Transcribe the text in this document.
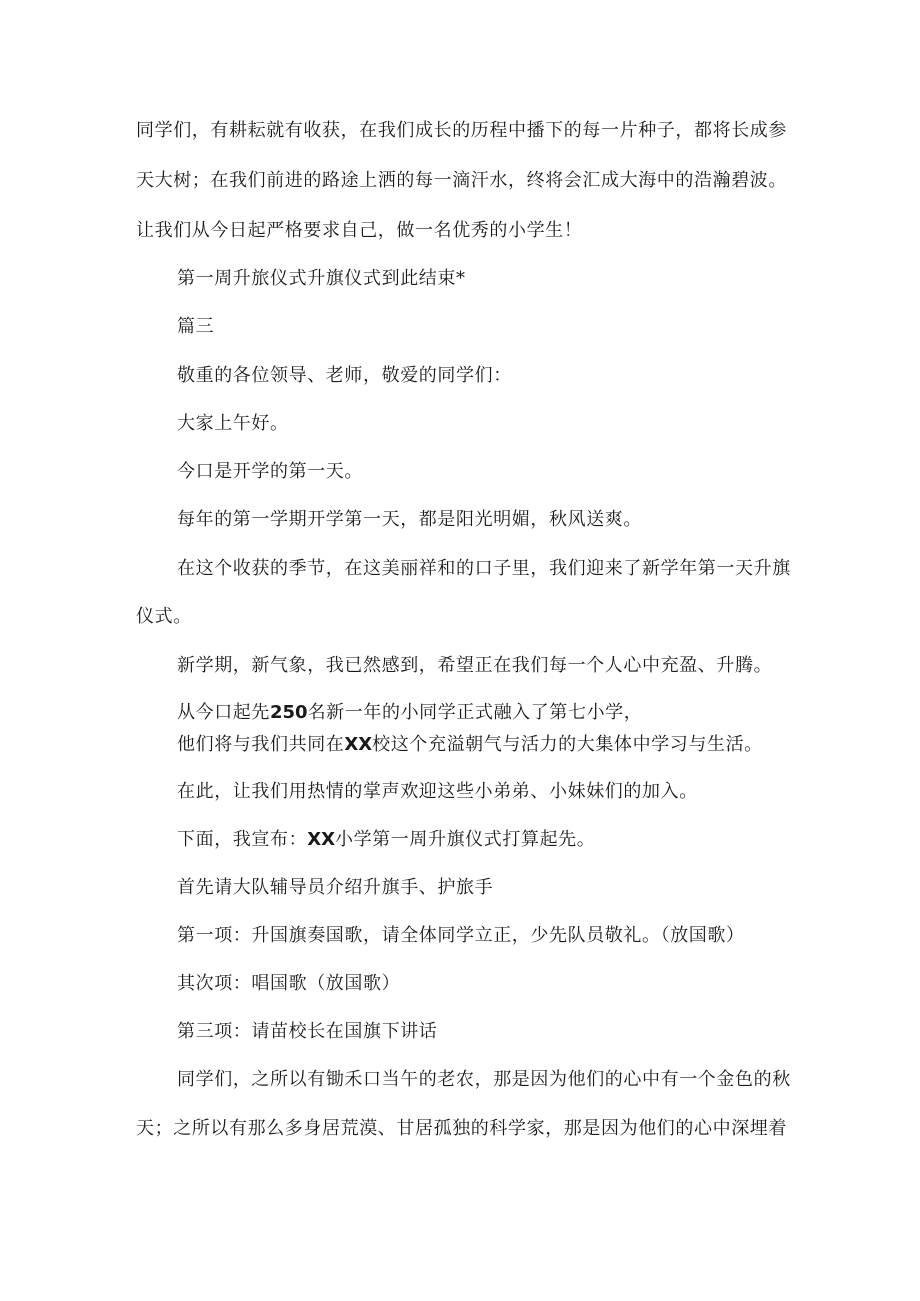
同学们，有耕耘就有收获，在我们成长的历程中播下的每一片种子，都将长成参
天大树；在我们前进的路途上洒的每一滴汗水，终将会汇成大海中的浩瀚碧波。
让我们从今日起严格要求自己，做一名优秀的小学生！
第一周升旅仪式升旗仪式到此结束*
篇三
敬重的各位领导、老师，敬爱的同学们：
大家上午好。
今口是开学的第一天。
每年的第一学期开学第一天，都是阳光明媚，秋风送爽。
在这个收获的季节，在这美丽祥和的口子里，我们迎来了新学年第一天升旗
仪式。
新学期，新气象，我已然感到，希望正在我们每一个人心中充盈、升腾。
从今口起先250名新一年的小同学正式融入了第七小学，
他们将与我们共同在XX校这个充溢朝气与活力的大集体中学习与生活。
在此，让我们用热情的掌声欢迎这些小弟弟、小妹妹们的加入。
下面，我宣布：XX小学第一周升旗仪式打算起先。
首先请大队辅导员介绍升旗手、护旅手
第一项：升国旗奏国歌，请全体同学立正，少先队员敬礼。（放国歌）
其次项：唱国歌（放国歌）
第三项：请苗校长在国旗下讲话
同学们，之所以有锄禾口当午的老农，那是因为他们的心中有一个金色的秋
天；之所以有那么多身居荒漠、甘居孤独的科学家，那是因为他们的心中深埋着
